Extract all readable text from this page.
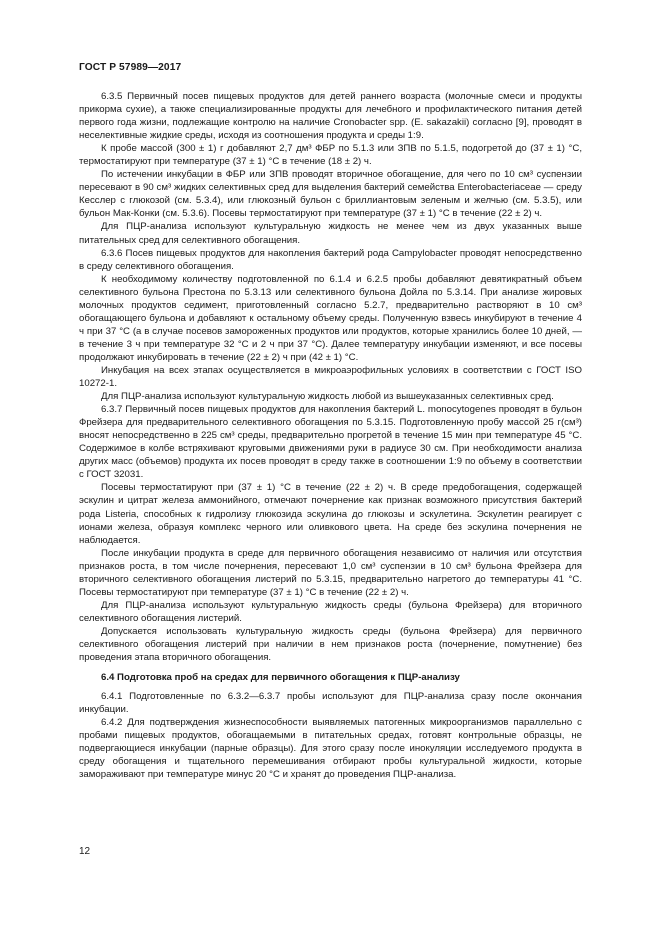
ГОСТ Р 57989—2017

6.3.5 Первичный посев пищевых продуктов для детей раннего возраста (молочные смеси и продукты прикорма сухие), а также специализированные продукты для лечебного и профилактического питания детей первого года жизни, подлежащие контролю на наличие Cronobacter spp. (E. sakazakii) согласно [9], проводят в неселективные жидкие среды, исходя из соотношения продукта и среды 1:9.

К пробе массой (300 ± 1) г добавляют 2,7 дм³ ФБР по 5.1.3 или ЗПВ по 5.1.5, подогретой до (37 ± 1) °С, термостатируют при температуре (37 ± 1) °С в течение (18 ± 2) ч.

По истечении инкубации в ФБР или ЗПВ проводят вторичное обогащение, для чего по 10 см³ суспензии пересевают в 90 см³ жидких селективных сред для выделения бактерий семейства Enterobacteriaceae — среду Кесслер с глюкозой (см. 5.3.4), или глюкозный бульон с бриллиантовым зеленым и желчью (см. 5.3.5), или бульон Мак-Конки (см. 5.3.6). Посевы термостатируют при температуре (37 ± 1) °С в течение (22 ± 2) ч.

Для ПЦР-анализа используют культуральную жидкость не менее чем из двух указанных выше питательных сред для селективного обогащения.

6.3.6 Посев пищевых продуктов для накопления бактерий рода Campylobacter проводят непосредственно в среду селективного обогащения.

К необходимому количеству подготовленной по 6.1.4 и 6.2.5 пробы добавляют девятикратный объем селективного бульона Престона по 5.3.13 или селективного бульона Дойла по 5.3.14. При анализе жировых молочных продуктов седимент, приготовленный согласно 5.2.7, предварительно растворяют в 10 см³ обогащающего бульона и добавляют к остальному объему среды. Полученную взвесь инкубируют в течение 4 ч при 37 °С (а в случае посевов замороженных продуктов или продуктов, которые хранились более 10 дней, — в течение 3 ч при температуре 32 °С и 2 ч при 37 °С). Далее температуру инкубации изменяют, и все посевы продолжают инкубировать в течение (22 ± 2) ч при (42 ± 1) °С.

Инкубация на всех этапах осуществляется в микроаэрофильных условиях в соответствии с ГОСТ ISO 10272-1.

Для ПЦР-анализа используют культуральную жидкость любой из вышеуказанных селективных сред.

6.3.7 Первичный посев пищевых продуктов для накопления бактерий L. monocytogenes проводят в бульон Фрейзера для предварительного селективного обогащения по 5.3.15. Подготовленную пробу массой 25 г(см³) вносят непосредственно в 225 см³ среды, предварительно прогретой в течение 15 мин при температуре 45 °С. Содержимое в колбе встряхивают круговыми движениями руки в радиусе 30 см. При необходимости анализа других масс (объемов) продукта их посев проводят в среду также в соотношении 1:9 по объему в соответствии с ГОСТ 32031.

Посевы термостатируют при (37 ± 1) °С в течение (22 ± 2) ч. В среде предобогащения, содержащей эскулин и цитрат железа аммонийного, отмечают почернение как признак возможного присутствия бактерий рода Listeria, способных к гидролизу глюкозида эскулина до глюкозы и эскулетина. Эскулетин реагирует с ионами железа, образуя комплекс черного или оливкового цвета. На среде без эскулина почернения не наблюдается.

После инкубации продукта в среде для первичного обогащения независимо от наличия или отсутствия признаков роста, в том числе почернения, пересевают 1,0 см³ суспензии в 10 см³ бульона Фрейзера для вторичного селективного обогащения листерий по 5.3.15, предварительно нагретого до температуры 41 °С. Посевы термостатируют при температуре (37 ± 1) °С в течение (22 ± 2) ч.

Для ПЦР-анализа используют культуральную жидкость среды (бульона Фрейзера) для вторичного селективного обогащения листерий.

Допускается использовать культуральную жидкость среды (бульона Фрейзера) для первичного селективного обогащения листерий при наличии в нем признаков роста (почернение, помутнение) без проведения этапа вторичного обогащения.

6.4 Подготовка проб на средах для первичного обогащения к ПЦР-анализу

6.4.1 Подготовленные по 6.3.2—6.3.7 пробы используют для ПЦР-анализа сразу после окончания инкубации.

6.4.2 Для подтверждения жизнеспособности выявляемых патогенных микроорганизмов параллельно с пробами пищевых продуктов, обогащаемыми в питательных средах, готовят контрольные образцы, не подвергающиеся инкубации (парные образцы). Для этого сразу после инокуляции исследуемого продукта в среду обогащения и тщательного перемешивания отбирают пробы культуральной жидкости, которые замораживают при температуре минус 20 °С и хранят до проведения ПЦР-анализа.

12
